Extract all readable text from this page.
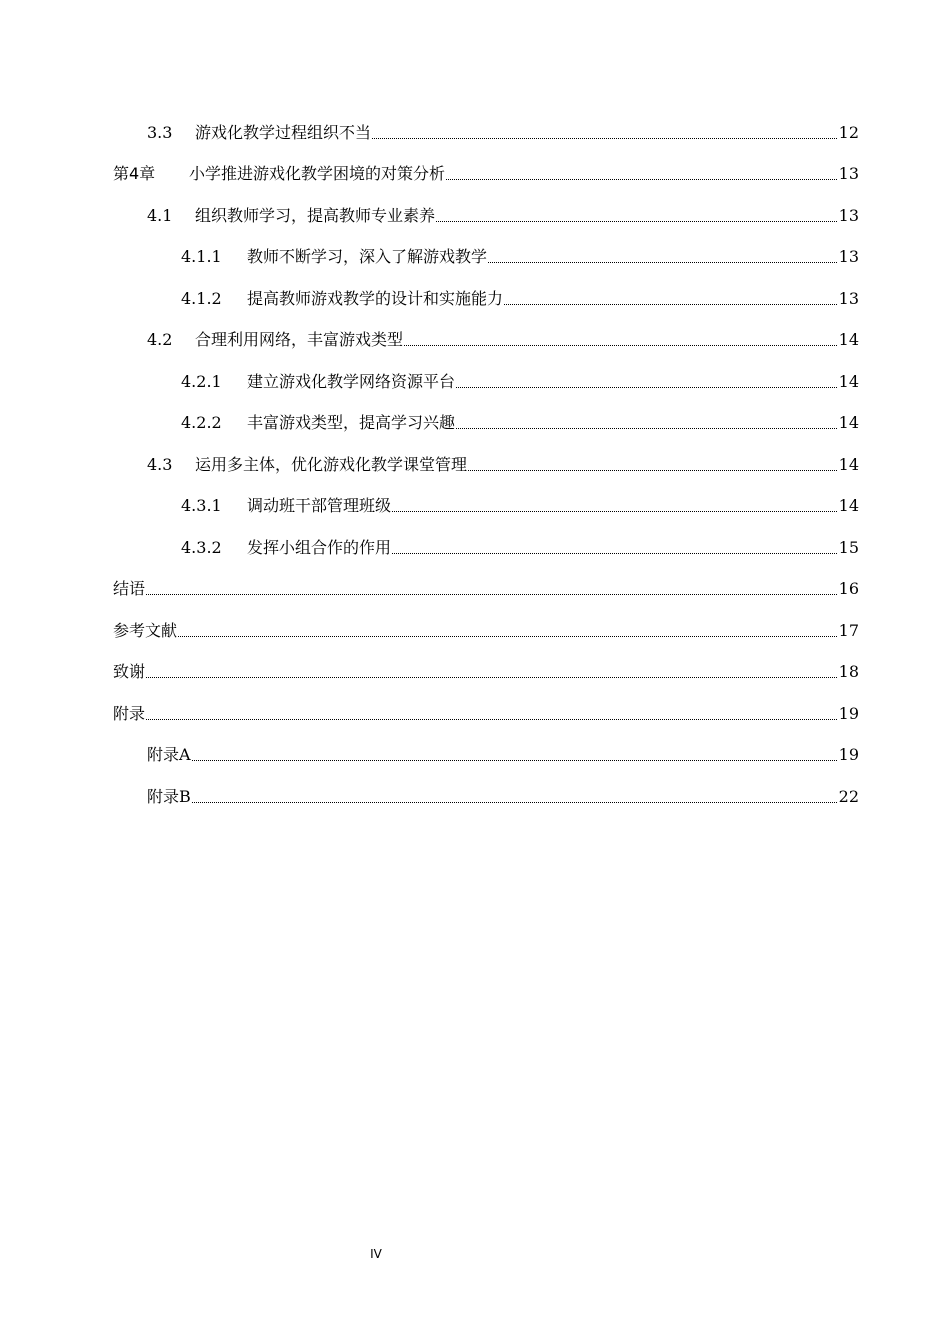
3.3	游戏化教学过程组织不当	12
第4章	小学推进游戏化教学困境的对策分析	13
4.1	组织教师学习，提高教师专业素养	13
4.1.1	教师不断学习，深入了解游戏教学	13
4.1.2	提高教师游戏教学的设计和实施能力	13
4.2	合理利用网络，丰富游戏类型	14
4.2.1	建立游戏化教学网络资源平台	14
4.2.2	丰富游戏类型，提高学习兴趣	14
4.3	运用多主体，优化游戏化教学课堂管理	14
4.3.1	调动班干部管理班级	14
4.3.2	发挥小组合作的作用	15
结语	16
参考文献	17
致谢	18
附录	19
附录A	19
附录B	22
IV
